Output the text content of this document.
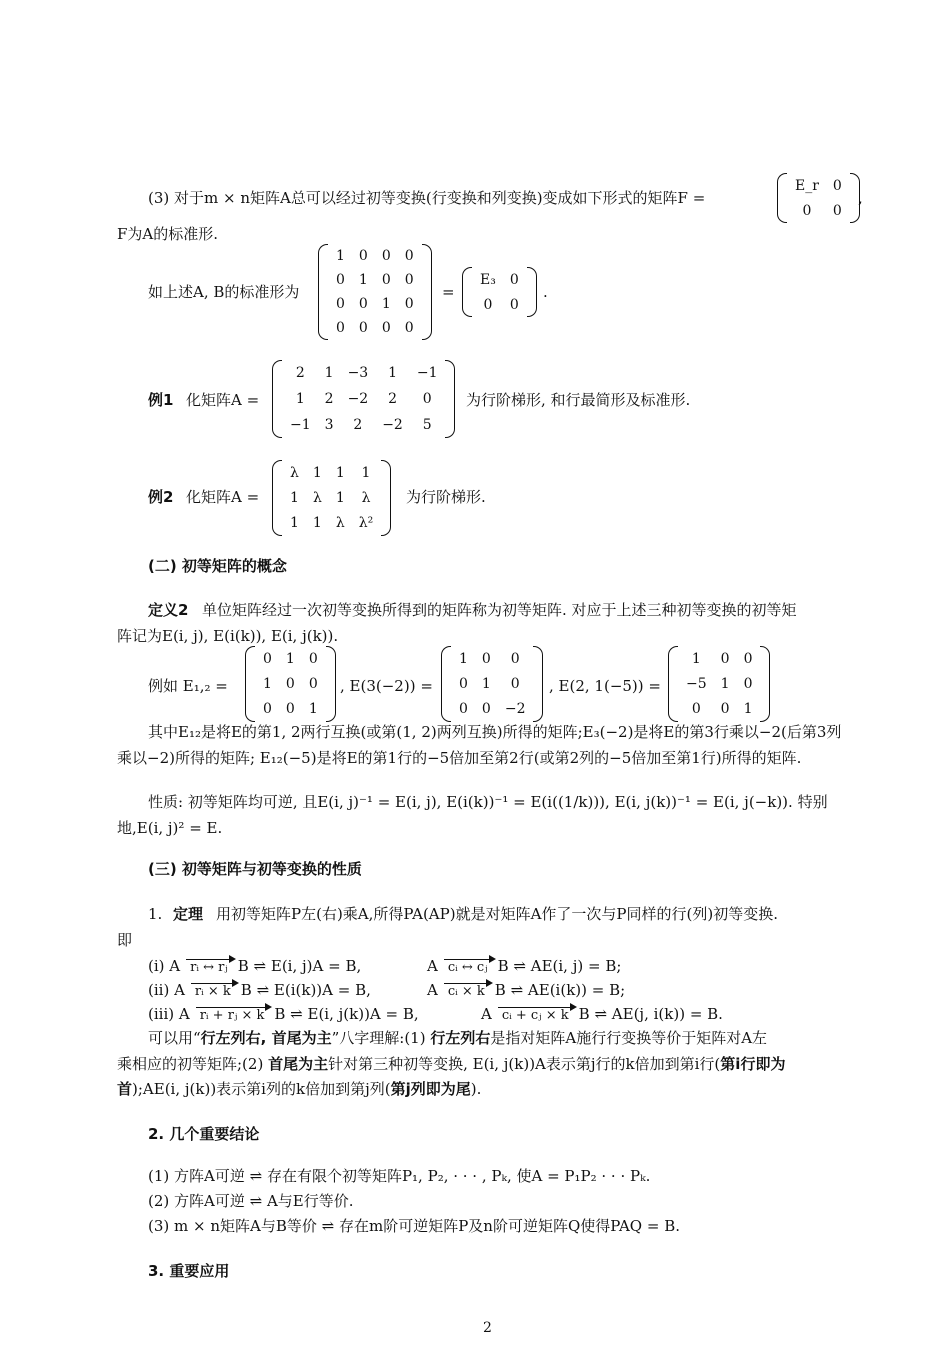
(3) 对于m × n矩阵A总可以经过初等变换(行变换和列变换)变成如下形式的矩阵F =
E_r 0
0 0
,
F为A的标准形.
如上述A, B的标准形为
1 0 0 0
0 1 0 0
0 0 1 0
0 0 0 0
=
E₃ 0
0 0
.
例1 化矩阵A =
2 1 −3 1 −1
1 2 −2 2 0
−1 3 2 −2 5
为行阶梯形, 和行最简形及标准形.
例2 化矩阵A =
λ 1 1 1
1 λ 1 λ
1 1 λ λ²
为行阶梯形.
(二) 初等矩阵的概念
定义2 单位矩阵经过一次初等变换所得到的矩阵称为初等矩阵. 对应于上述三种初等变换的初等矩
阵记为E(i, j), E(i(k)), E(i, j(k)).
例如 E₁,₂ =
0 1 0
1 0 0
0 0 1
, E(3(−2)) =
1 0 0
0 1 0
0 0 −2
, E(2, 1(−5)) =
1 0 0
−5 1 0
0 0 1
其中E₁₂是将E的第1, 2两行互换(或第(1, 2)两列互换)所得的矩阵;E₃(−2)是将E的第3行乘以−2(后第3列
乘以−2)所得的矩阵; E₁₂(−5)是将E的第1行的−5倍加至第2行(或第2列的−5倍加至第1行)所得的矩阵.
性质: 初等矩阵均可逆, 且E(i, j)⁻¹ = E(i, j), E(i(k))⁻¹ = E(i((1/k))), E(i, j(k))⁻¹ = E(i, j(−k)). 特别
地,E(i, j)² = E.
(三) 初等矩阵与初等变换的性质
1. 定理 用初等矩阵P左(右)乘A,所得PA(AP)就是对矩阵A作了一次与P同样的行(列)初等变换.
即
(i) A rᵢ ↔ rⱼ B ⇌ E(i, j)A = B,	A cᵢ ↔ cⱼ B ⇌ AE(i, j) = B;
(ii) A rᵢ × k B ⇌ E(i(k))A = B,	A cᵢ × k B ⇌ AE(i(k)) = B;
(iii) A rᵢ + rⱼ × k B ⇌ E(i, j(k))A = B,	A cᵢ + cⱼ × k B ⇌ AE(j, i(k)) = B.
可以用“行左列右, 首尾为主”八字理解:(1) 行左列右是指对矩阵A施行行变换等价于矩阵对A左
乘相应的初等矩阵;(2) 首尾为主针对第三种初等变换, E(i, j(k))A表示第j行的k倍加到第i行(第i行即为
首);AE(i, j(k))表示第i列的k倍加到第j列(第j列即为尾).
2. 几个重要结论
(1) 方阵A可逆 ⇌ 存在有限个初等矩阵P₁, P₂, · · · , Pₖ, 使A = P₁P₂ · · · Pₖ.
(2) 方阵A可逆 ⇌ A与E行等价.
(3) m × n矩阵A与B等价 ⇌ 存在m阶可逆矩阵P及n阶可逆矩阵Q使得PAQ = B.
3. 重要应用
2
